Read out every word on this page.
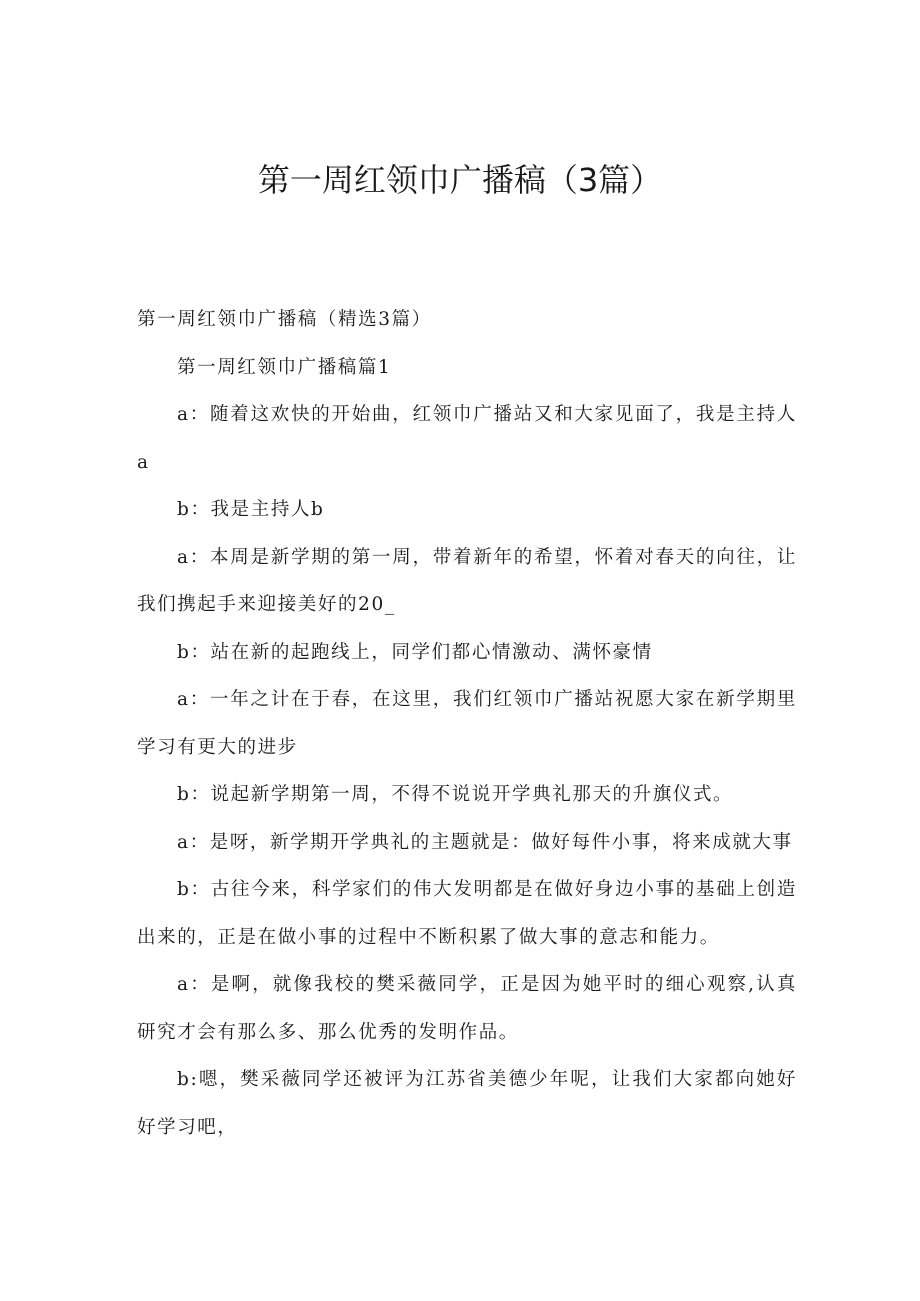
第一周红领巾广播稿（3篇）

第一周红领巾广播稿（精选3篇）

第一周红领巾广播稿篇1

a：随着这欢快的开始曲，红领巾广播站又和大家见面了，我是主持人a

b：我是主持人b

a：本周是新学期的第一周，带着新年的希望，怀着对春天的向往，让我们携起手来迎接美好的20_

b：站在新的起跑线上，同学们都心情激动、满怀豪情

a：一年之计在于春，在这里，我们红领巾广播站祝愿大家在新学期里学习有更大的进步

b：说起新学期第一周，不得不说说开学典礼那天的升旗仪式。

a：是呀，新学期开学典礼的主题就是：做好每件小事，将来成就大事

b：古往今来，科学家们的伟大发明都是在做好身边小事的基础上创造出来的，正是在做小事的过程中不断积累了做大事的意志和能力。

a：是啊，就像我校的樊采薇同学，正是因为她平时的细心观察,认真研究才会有那么多、那么优秀的发明作品。

b:嗯，樊采薇同学还被评为江苏省美德少年呢，让我们大家都向她好好学习吧，
